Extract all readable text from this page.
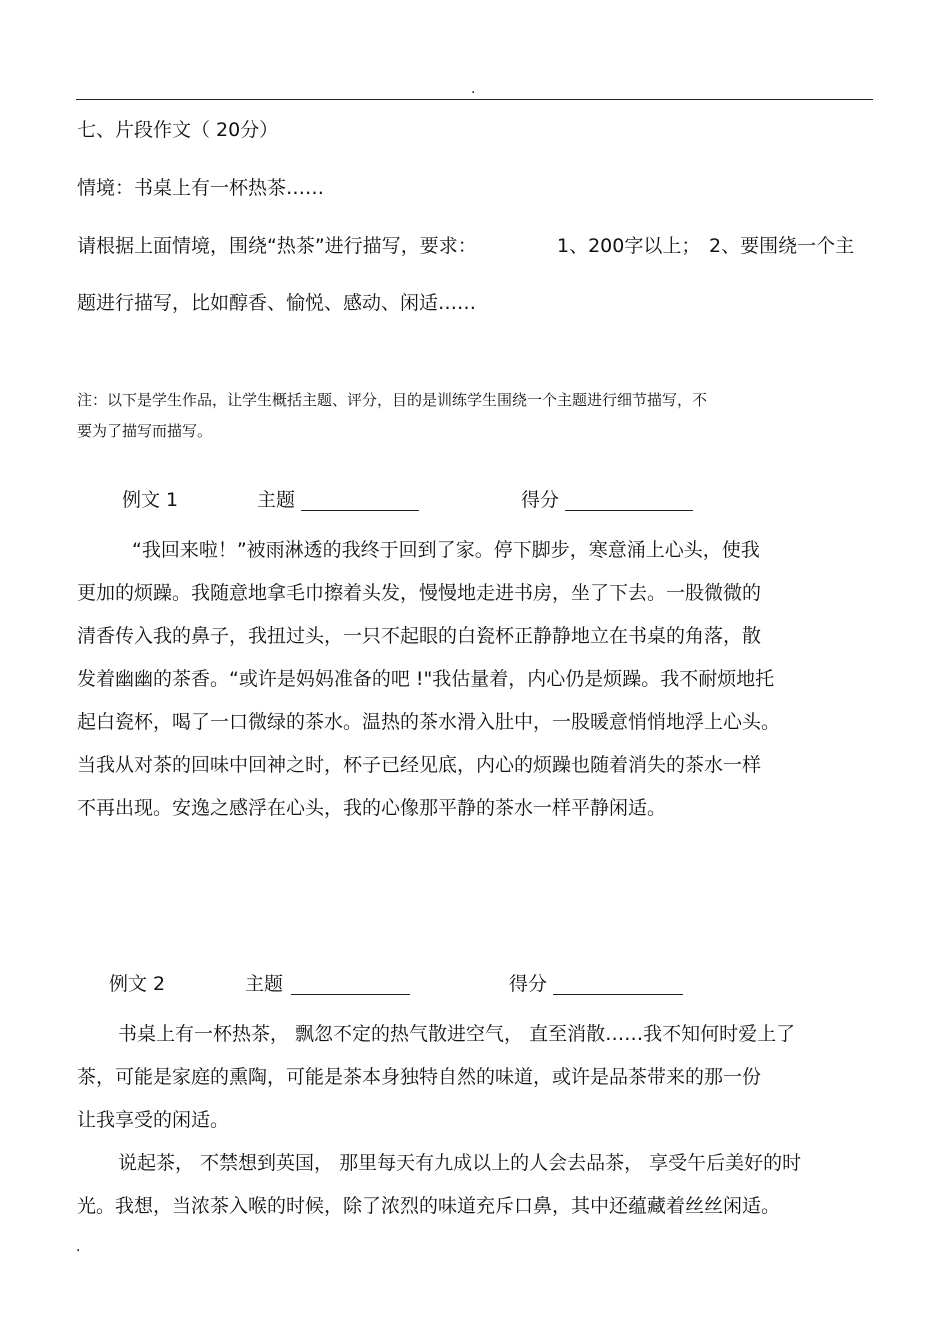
.
七、片段作文（ 20分）
情境：书桌上有一杯热茶……
请根据上面情境，围绕“热茶”进行描写，要求：	1、200字以上； 2、要围绕一个主
题进行描写，比如醇香、愉悦、感动、闲适……
注：以下是学生作品，让学生概括主题、评分，目的是训练学生围绕一个主题进行细节描写，不
要为了描写而描写。
例文 1	主题	得分
“我回来啦！”被雨淋透的我终于回到了家。停下脚步，寒意涌上心头，使我
更加的烦躁。我随意地拿毛巾擦着头发，慢慢地走进书房，坐了下去。一股微微的
清香传入我的鼻子，我扭过头，一只不起眼的白瓷杯正静静地立在书桌的角落，散
发着幽幽的茶香。“或许是妈妈准备的吧 !"我估量着，内心仍是烦躁。我不耐烦地托
起白瓷杯，喝了一口微绿的茶水。温热的茶水滑入肚中，一股暖意悄悄地浮上心头。
当我从对茶的回味中回神之时，杯子已经见底，内心的烦躁也随着消失的茶水一样
不再出现。安逸之感浮在心头，我的心像那平静的茶水一样平静闲适。
例文 2	主题	得分
书桌上有一杯热茶， 飘忽不定的热气散进空气， 直至消散……我不知何时爱上了
茶，可能是家庭的熏陶，可能是茶本身独特自然的味道，或许是品茶带来的那一份
让我享受的闲适。
说起茶， 不禁想到英国， 那里每天有九成以上的人会去品茶， 享受午后美好的时
光。我想，当浓茶入喉的时候，除了浓烈的味道充斥口鼻，其中还蕴藏着丝丝闲适。
.
